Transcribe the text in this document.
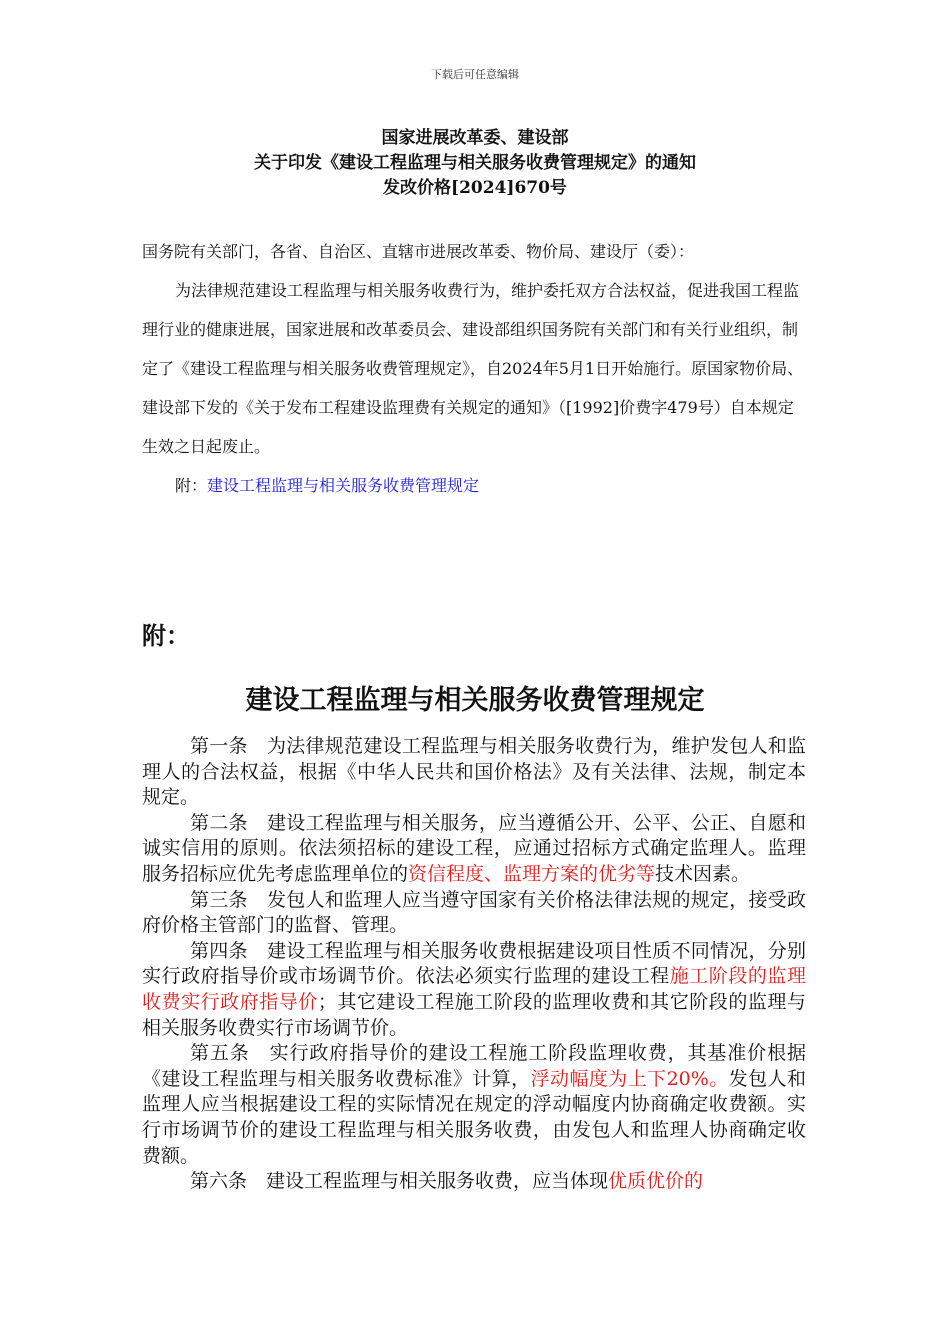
下载后可任意编辑
国家进展改革委、建设部
关于印发《建设工程监理与相关服务收费管理规定》的通知
发改价格[2024]670号

国务院有关部门，各省、自治区、直辖市进展改革委、物价局、建设厅（委）：

为法律规范建设工程监理与相关服务收费行为，维护委托双方合法权益，促进我国工程监理行业的健康进展，国家进展和改革委员会、建设部组织国务院有关部门和有关行业组织，制定了《建设工程监理与相关服务收费管理规定》，自2024年5月1日开始施行。原国家物价局、建设部下发的《关于发布工程建设监理费有关规定的通知》（[1992]价费字479号）自本规定生效之日起废止。

附：建设工程监理与相关服务收费管理规定

附：
建设工程监理与相关服务收费管理规定

第一条　为法律规范建设工程监理与相关服务收费行为，维护发包人和监理人的合法权益，根据《中华人民共和国价格法》及有关法律、法规，制定本规定。

第二条　建设工程监理与相关服务，应当遵循公开、公平、公正、自愿和诚实信用的原则。依法须招标的建设工程，应通过招标方式确定监理人。监理服务招标应优先考虑监理单位的资信程度、监理方案的优劣等技术因素。

第三条　发包人和监理人应当遵守国家有关价格法律法规的规定，接受政府价格主管部门的监督、管理。

第四条　建设工程监理与相关服务收费根据建设项目性质不同情况，分别实行政府指导价或市场调节价。依法必须实行监理的建设工程施工阶段的监理收费实行政府指导价；其它建设工程施工阶段的监理收费和其它阶段的监理与相关服务收费实行市场调节价。

第五条　实行政府指导价的建设工程施工阶段监理收费，其基准价根据《建设工程监理与相关服务收费标准》计算，浮动幅度为上下20%。发包人和监理人应当根据建设工程的实际情况在规定的浮动幅度内协商确定收费额。实行市场调节价的建设工程监理与相关服务收费，由发包人和监理人协商确定收费额。

第六条　建设工程监理与相关服务收费，应当体现优质优价的
